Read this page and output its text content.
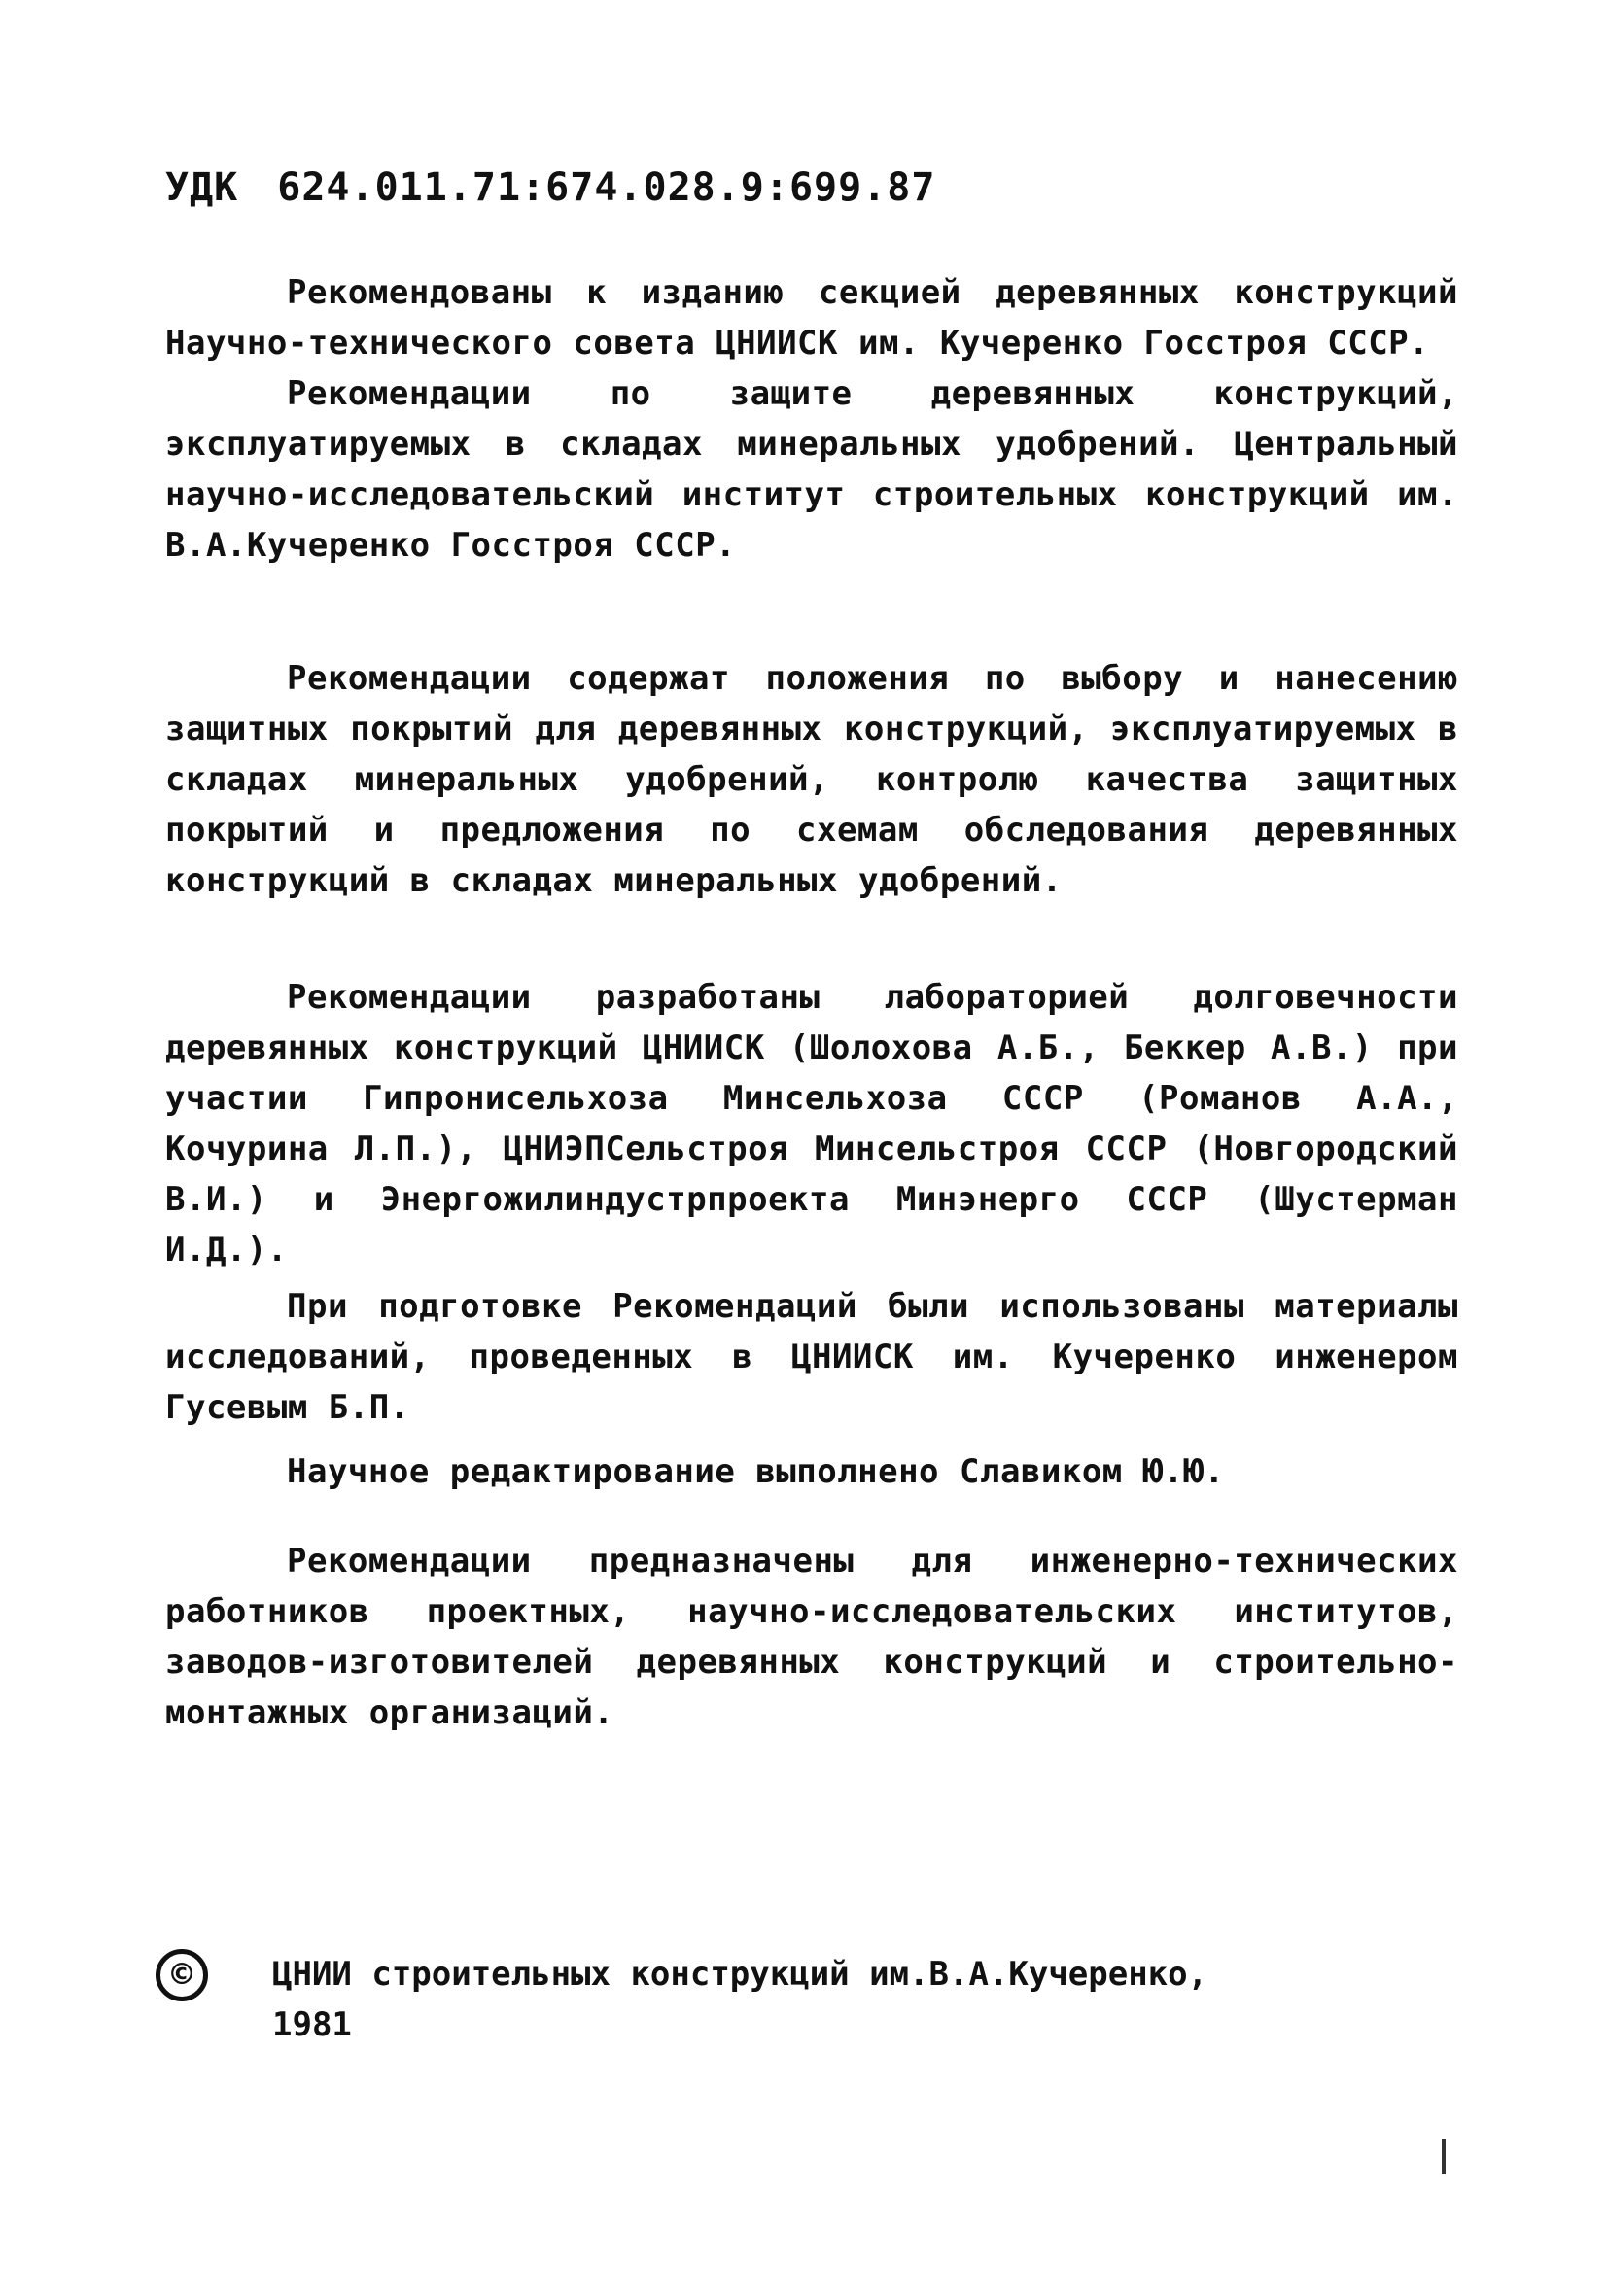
УДК 624.011.71:674.028.9:699.87

Рекомендованы к изданию секцией деревянных конструкций Научно-технического совета ЦНИИСК им. Кучеренко Госстроя СССР.

Рекомендации по защите деревянных конструкций, эксплуатируемых в складах минеральных удобрений. Центральный научно-исследовательский институт строительных конструкций им. В.А.Кучеренко Госстроя СССР.

Рекомендации содержат положения по выбору и нанесению защитных покрытий для деревянных конструкций, эксплуатируемых в складах минеральных удобрений, контролю качества защитных покрытий и предложения по схемам обследования деревянных конструкций в складах минеральных удобрений.

Рекомендации разработаны лабораторией долговечности деревянных конструкций ЦНИИСК (Шолохова А.Б., Беккер А.В.) при участии Гипронисельхоза Минсельхоза СССР (Романов А.А., Кочурина Л.П.), ЦНИЭПСельстроя Минсельстроя СССР (Новгородский В.И.) и Энергожилиндустрпроекта Минэнерго СССР (Шустерман И.Д.).

При подготовке Рекомендаций были использованы материалы исследований, проведенных в ЦНИИСК им. Кучеренко инженером Гусевым Б.П.

Научное редактирование выполнено Славиком Ю.Ю.

Рекомендации предназначены для инженерно-технических работников проектных, научно-исследовательских институтов, заводов-изготовителей деревянных конструкций и строительно-монтажных организаций.

©	ЦНИИ строительных конструкций им.В.А.Кучеренко,
1981
